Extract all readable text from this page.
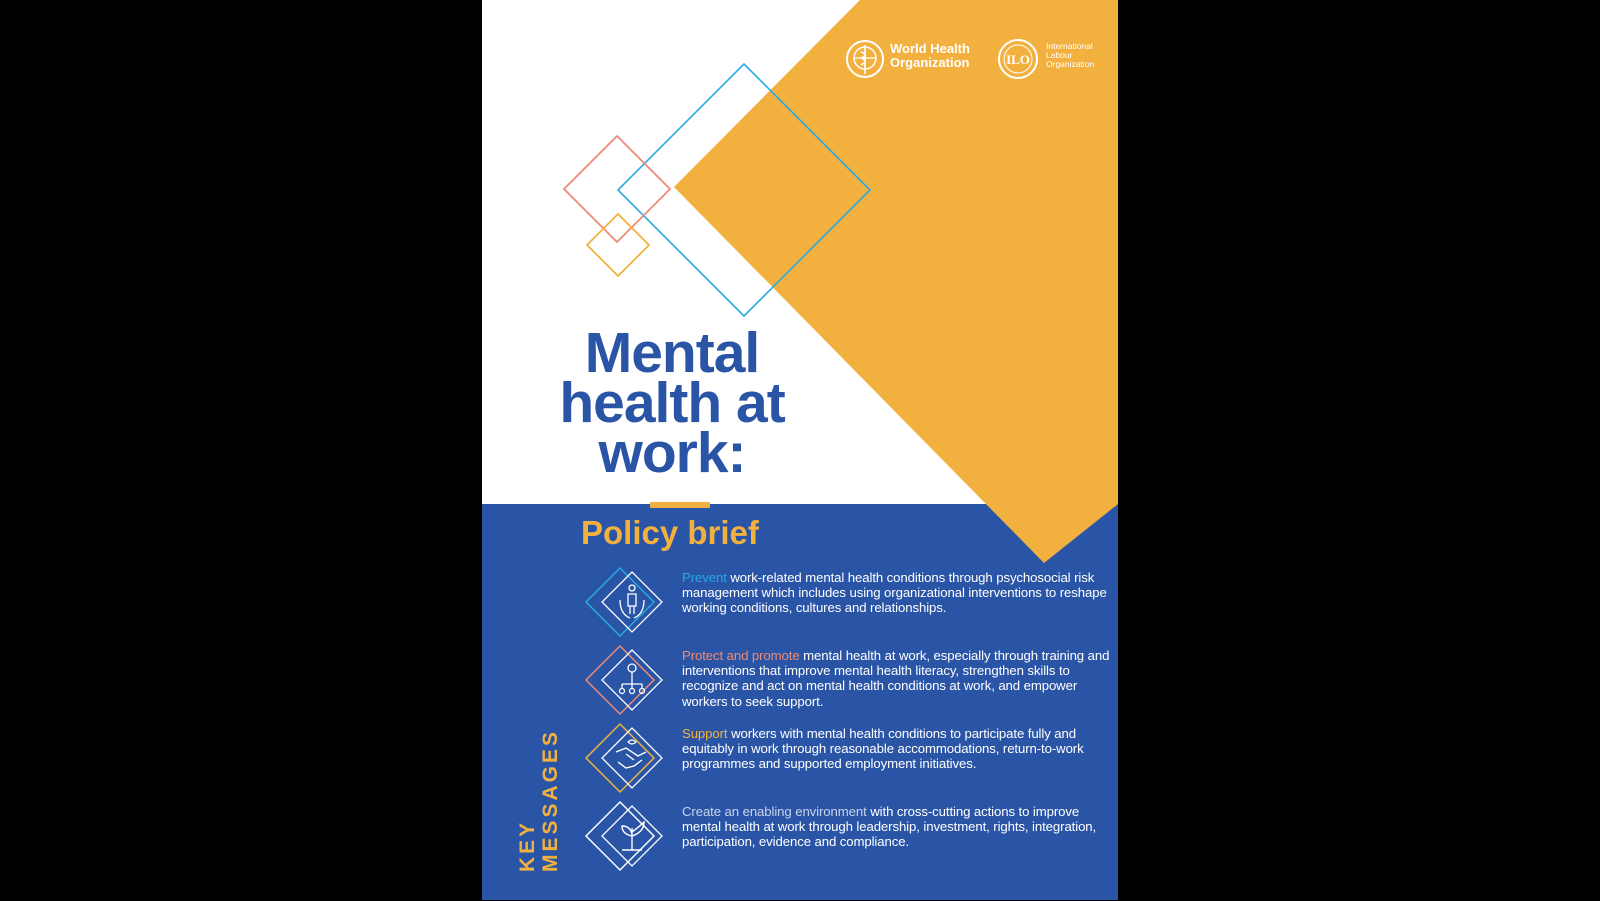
World Health
Organization	ILO
International
Labour
Organization
Mental
health at
work:
Policy brief
KEY MESSAGES
Prevent work-related mental health conditions through psychosocial risk management which includes using organizational interventions to reshape working conditions, cultures and relationships.
Protect and promote mental health at work, especially through training and interventions that improve mental health literacy, strengthen skills to recognize and act on mental health conditions at work, and empower workers to seek support.
Support workers with mental health conditions to participate fully and equitably in work through reasonable accommodations, return-to-work programmes and supported employment initiatives.
Create an enabling environment with cross-cutting actions to improve mental health at work through leadership, investment, rights, integration, participation, evidence and compliance.
